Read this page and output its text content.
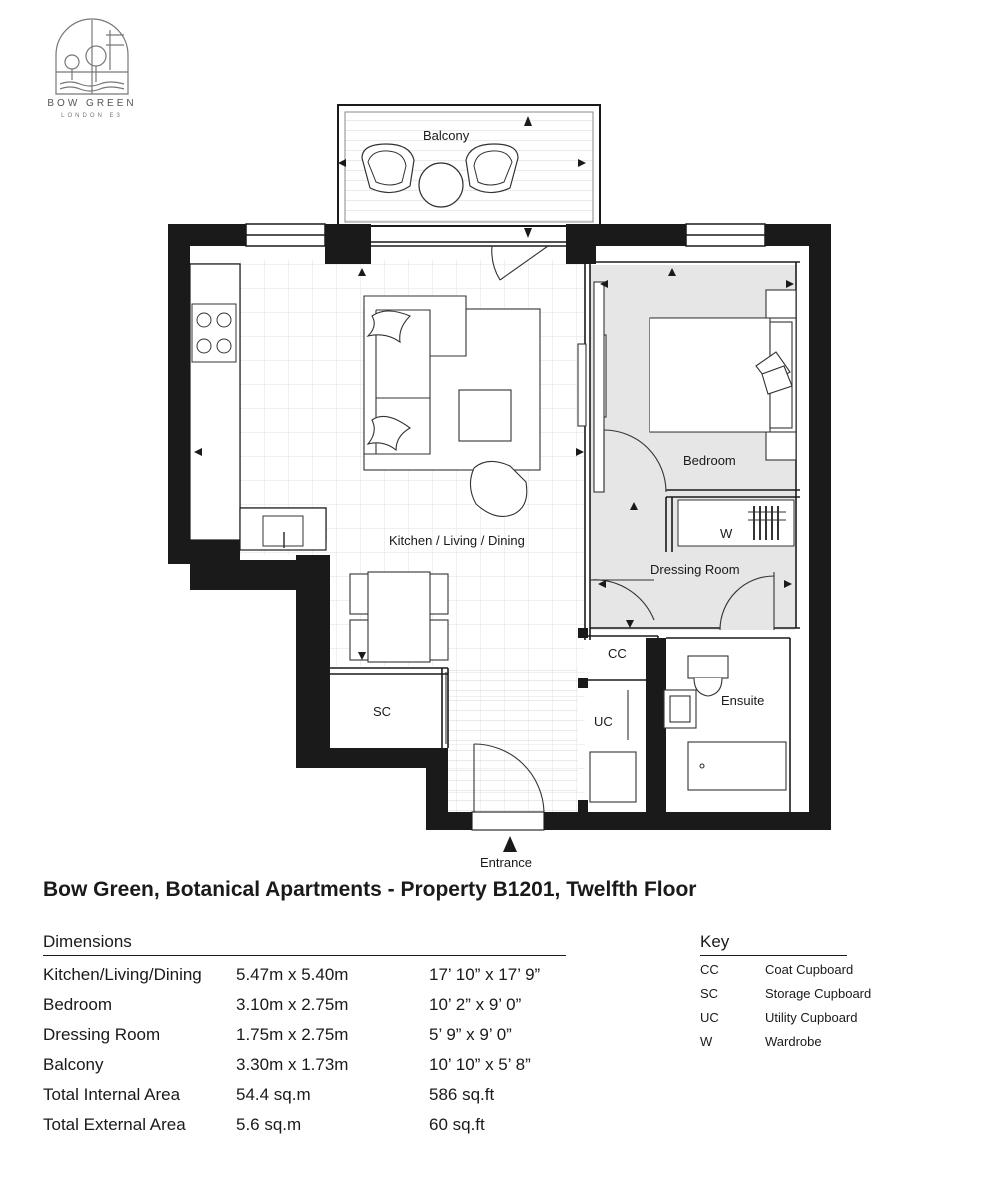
BOW GREEN
LONDON E3
Balcony
Kitchen / Living / Dining
Bedroom
W
Dressing Room
CC
Ensuite
UC
SC
Entrance
Bow Green, Botanical Apartments - Property B1201, Twelfth Floor
Dimensions
Kitchen/Living/Dining	5.47m x 5.40m	17’ 10” x 17’ 9”
Bedroom	3.10m x 2.75m	10’ 2” x 9’ 0”
Dressing Room	1.75m x 2.75m	5’ 9” x 9’ 0”
Balcony	3.30m x 1.73m	10’ 10” x 5’ 8”
Total Internal Area	54.4 sq.m	586 sq.ft
Total External Area	5.6 sq.m	60 sq.ft
Key
CC	Coat Cupboard
SC	Storage Cupboard
UC	Utility Cupboard
W	Wardrobe
